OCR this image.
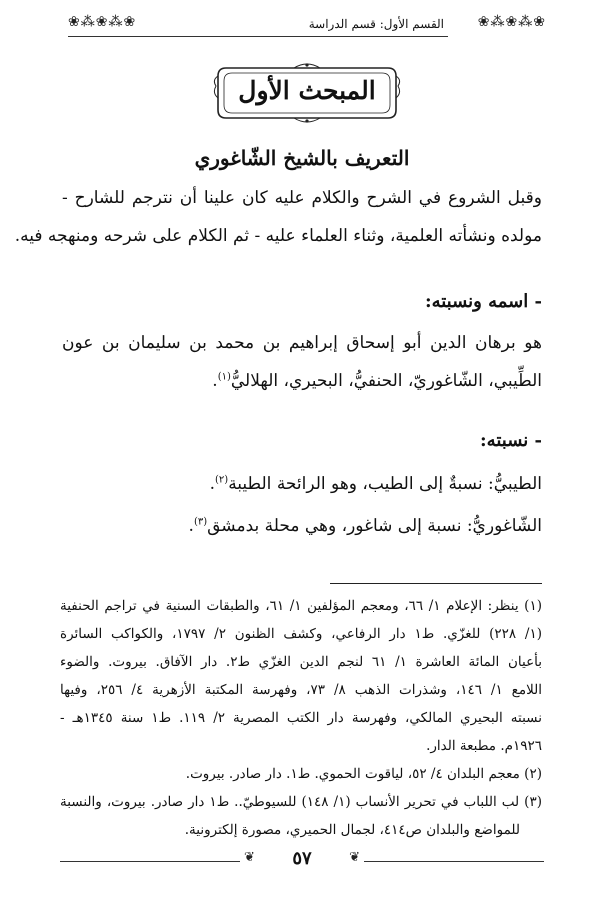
❀⁂❀⁂❀
القسم الأول: قسم الدراسة
❀⁂❀⁂❀
المبحث الأول
التعريف بالشيخ الشّاغوري
وقبل الشروع في الشرح والكلام عليه كان علينا أن نترجم للشارح -
مولده ونشأته العلمية، وثناء العلماء عليه - ثم الكلام على شرحه ومنهجه فيه.
- اسمه ونسبته:
هو برهان الدين أبو إسحاق إبراهيم بن محمد بن سليمان بن عون
الطِّيبي، الشّاغوريّ، الحنفيُّ، البحيري، الهلاليُّ$^{(١)}$.
- نسبته:
الطيبيُّ: نسبةٌ إلى الطيب، وهو الرائحة الطيبة$^{(٢)}$.
الشّاغوريُّ: نسبة إلى شاغور، وهي محلة بدمشق$^{(٣)}$.
(١) ينظر: الإعلام ١/ ٦٦، ومعجم المؤلفين ١/ ٦١، والطبقات السنية في تراجم الحنفية
(١/ ٢٢٨) للغزّي. ط١ دار الرفاعي، وكشف الظنون ٢/ ١٧٩٧، والكواكب السائرة
بأعيان المائة العاشرة ١/ ٦١ لنجم الدين الغزّي ط٢. دار الآفاق. بيروت. والضوء
اللامع ١/ ١٤٦، وشذرات الذهب ٨/ ٧٣، وفهرسة المكتبة الأزهرية ٤/ ٢٥٦، وفيها
نسبته البحيري المالكي، وفهرسة دار الكتب المصرية ٢/ ١١٩. ط١ سنة ١٣٤٥هـ -
١٩٢٦م. مطبعة الدار.
(٢) معجم البلدان ٤/ ٥٢، لياقوت الحموي. ط١. دار صادر. بيروت.
(٣) لب اللباب في تحرير الأنساب (١/ ١٤٨) للسيوطيّ.. ط١ دار صادر. بيروت، والنسبة
للمواضع والبلدان ص٤١٤، لجمال الحميري، مصورة إلكترونية.
❦	٥٧	❦
